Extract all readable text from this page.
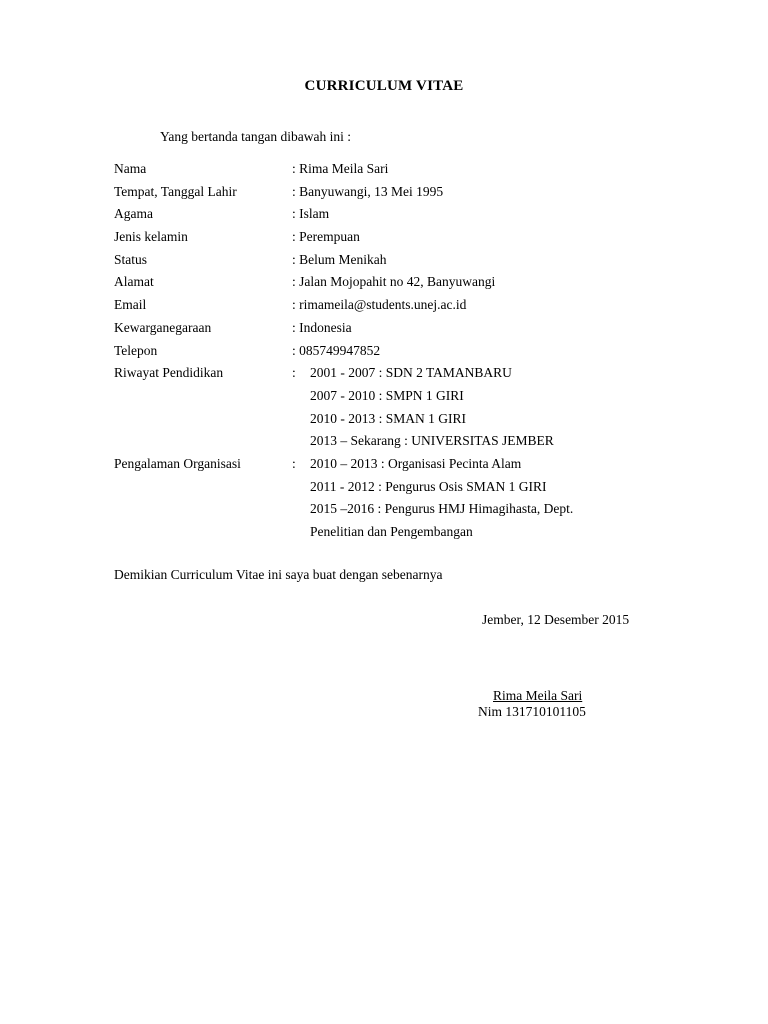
CURRICULUM VITAE
Yang bertanda tangan dibawah ini :
Nama	: Rima Meila Sari
Tempat, Tanggal Lahir	: Banyuwangi, 13 Mei 1995
Agama	: Islam
Jenis kelamin	: Perempuan
Status	: Belum Menikah
Alamat	: Jalan Mojopahit no 42, Banyuwangi
Email	: rimameila@students.unej.ac.id
Kewarganegaraan	: Indonesia
Telepon	: 085749947852
Riwayat Pendidikan	:	2001 - 2007 : SDN 2 TAMANBARU
2007 - 2010 : SMPN 1 GIRI
2010 - 2013 : SMAN 1 GIRI
2013 – Sekarang : UNIVERSITAS JEMBER
Pengalaman Organisasi	:	2010 – 2013 : Organisasi Pecinta Alam
2011 - 2012 : Pengurus Osis SMAN 1 GIRI
2015 –2016 : Pengurus HMJ Himagihasta, Dept.
Penelitian dan Pengembangan
Demikian Curriculum Vitae ini saya buat dengan sebenarnya
Jember, 12 Desember 2015
Rima Meila Sari
Nim 131710101105
